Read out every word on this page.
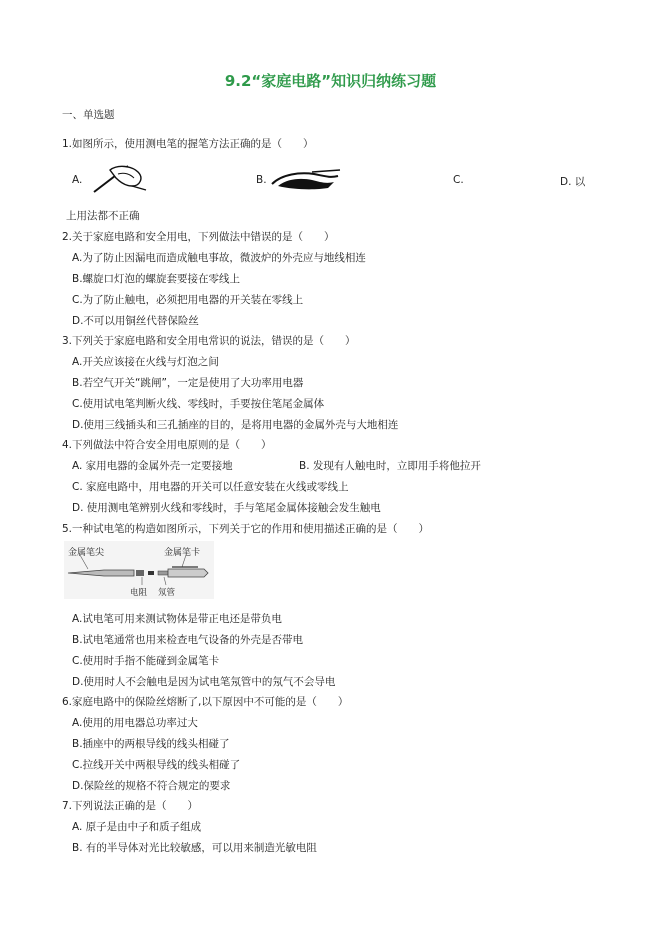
9.2“家庭电路”知识归纳练习题
一、单选题
1.如图所示，使用测电笔的握笔方法正确的是（　　）
A.	B.	C.	D. 以
上用法都不正确
2.关于家庭电路和安全用电，下列做法中错误的是（　　）
A.为了防止因漏电而造成触电事故，微波炉的外壳应与地线相连
B.螺旋口灯泡的螺旋套要接在零线上
C.为了防止触电，必须把用电器的开关装在零线上
D.不可以用铜丝代替保险丝
3.下列关于家庭电路和安全用电常识的说法，错误的是（　　）
A.开关应该接在火线与灯泡之间
B.若空气开关“跳闸”，一定是使用了大功率用电器
C.使用试电笔判断火线、零线时，手要按住笔尾金属体
D.使用三线插头和三孔插座的目的，是将用电器的金属外壳与大地相连
4.下列做法中符合安全用电原则的是（　　）
A. 家用电器的金属外壳一定要接地	B. 发现有人触电时，立即用手将他拉开
C. 家庭电路中，用电器的开关可以任意安装在火线或零线上
D. 使用测电笔辨别火线和零线时，手与笔尾金属体接触会发生触电
5.一种试电笔的构造如图所示，下列关于它的作用和使用描述正确的是（　　）
金属笔尖	金属笔卡
电阻 氖管
A.试电笔可用来测试物体是带正电还是带负电
B.试电笔通常也用来检查电气设备的外壳是否带电
C.使用时手指不能碰到金属笔卡
D.使用时人不会触电是因为试电笔氖管中的氖气不会导电
6.家庭电路中的保险丝熔断了,以下原因中不可能的是（　　）
A.使用的用电器总功率过大
B.插座中的两根导线的线头相碰了
C.拉线开关中两根导线的线头相碰了
D.保险丝的规格不符合规定的要求
7.下列说法正确的是（　　）
A. 原子是由中子和质子组成
B. 有的半导体对光比较敏感，可以用来制造光敏电阻
